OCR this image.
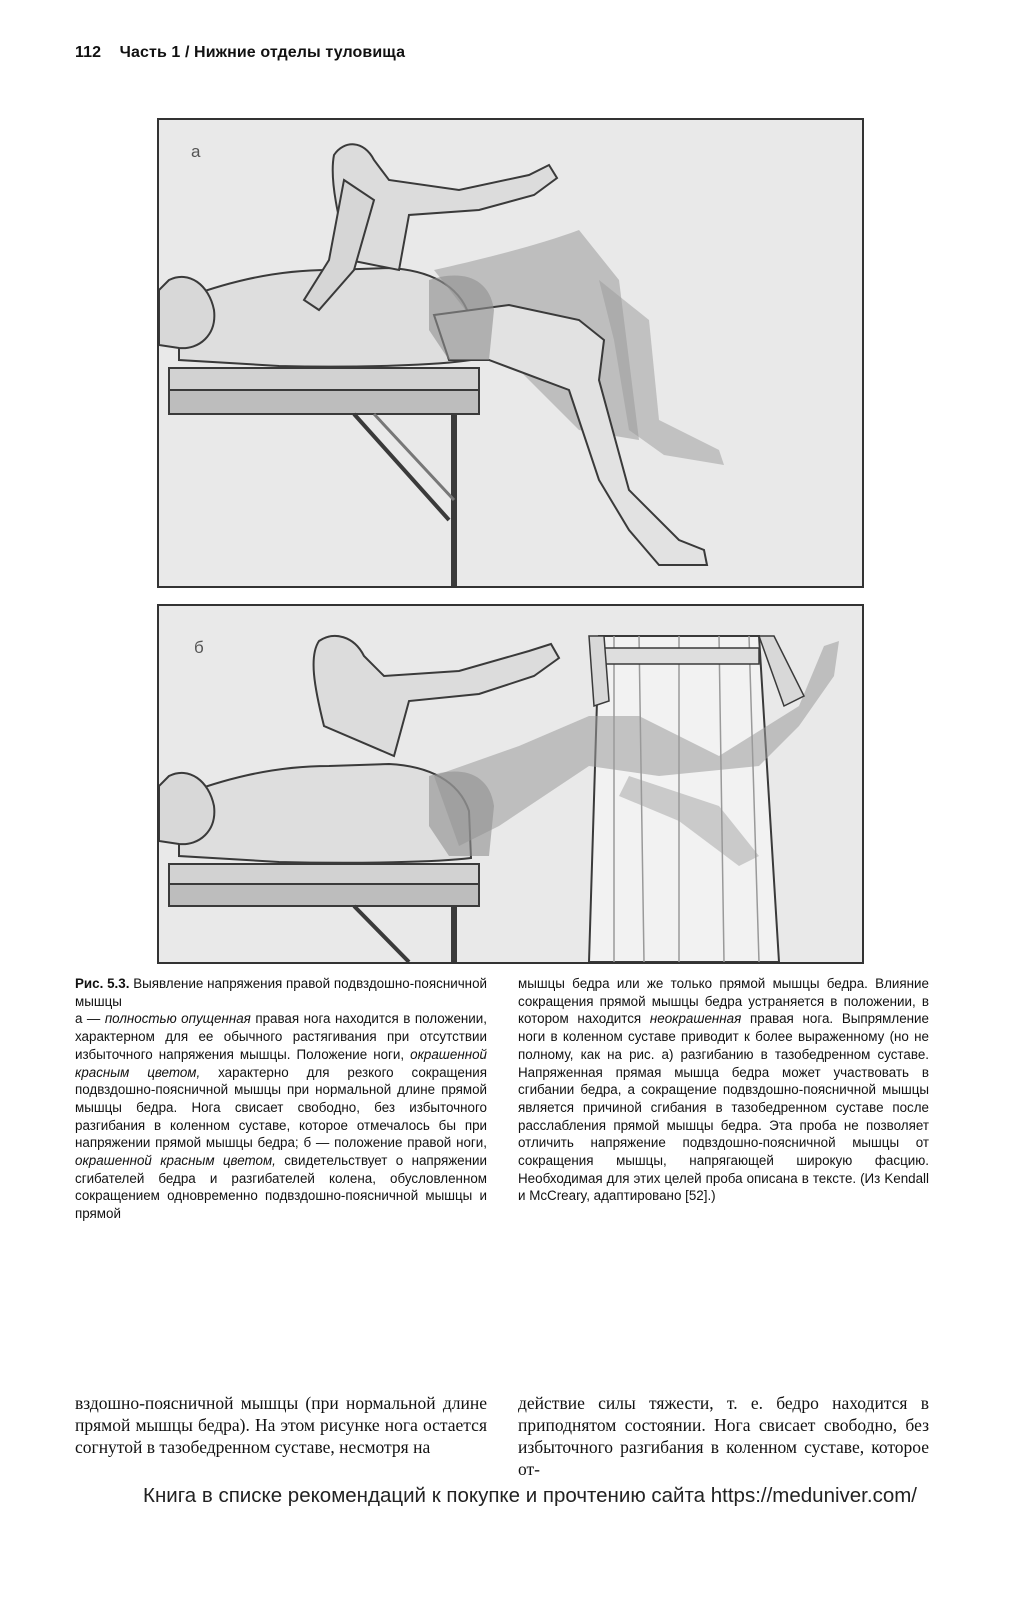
112 Часть 1 / Нижние отделы туловища
а
б

Рис. 5.3. Выявление напряжения правой подвздошно-поясничной мышцы
а — полностью опущенная правая нога находится в положении, характерном для ее обычного растягивания при отсутствии избыточного напряжения мышцы. Положение ноги, окрашенной красным цветом, характерно для резкого сокращения подвздошно-поясничной мышцы при нормальной длине прямой мышцы бедра. Нога свисает свободно, без избыточного разгибания в коленном суставе, которое отмечалось бы при напряжении прямой мышцы бедра; б — положение правой ноги, окрашенной красным цветом, свидетельствует о напряжении сгибателей бедра и разгибателей колена, обусловленном сокращением одновременно подвздошно-поясничной мышцы и прямой

мышцы бедра или же только прямой мышцы бедра. Влияние сокращения прямой мышцы бедра устраняется в положении, в котором находится неокрашенная правая нога. Выпрямление ноги в коленном суставе приводит к более выраженному (но не полному, как на рис. а) разгибанию в тазобедренном суставе. Напряженная прямая мышца бедра может участвовать в сгибании бедра, а сокращение подвздошно-поясничной мышцы является причиной сгибания в тазобедренном суставе после расслабления прямой мышцы бедра. Эта проба не позволяет отличить напряжение подвздошно-поясничной мышцы от сокращения мышцы, напрягающей широкую фасцию. Необходимая для этих целей проба описана в тексте. (Из Kendall и McCreary, адаптировано [52].)

вздошно-поясничной мышцы (при нормальной длине прямой мышцы бедра). На этом рисунке нога остается согнутой в тазобедренном суставе, несмотря на

действие силы тяжести, т. е. бедро находится в приподнятом состоянии. Нога свисает свободно, без избыточного разгибания в коленном суставе, которое от-

Книга в списке рекомендаций к покупке и прочтению сайта https://meduniver.com/
